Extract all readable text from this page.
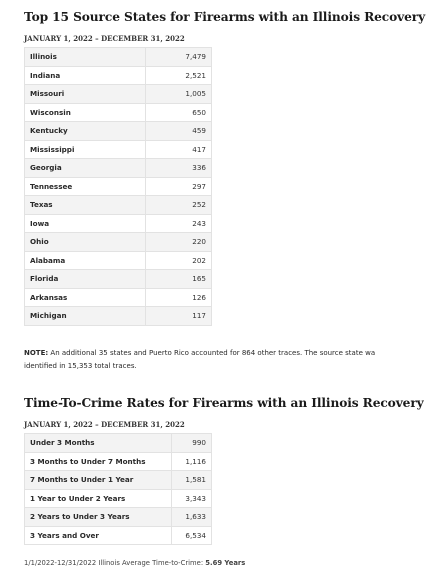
Top 15 Source States for Firearms with an Illinois Recovery
JANUARY 1, 2022 – DECEMBER 31, 2022
Illinois	7,479
Indiana	2,521
Missouri	1,005
Wisconsin	650
Kentucky	459
Mississippi	417
Georgia	336
Tennessee	297
Texas	252
Iowa	243
Ohio	220
Alabama	202
Florida	165
Arkansas	126
Michigan	117
NOTE: An additional 35 states and Puerto Rico accounted for 864 other traces. The source state wa
identified in 15,353 total traces.
Time-To-Crime Rates for Firearms with an Illinois Recovery
JANUARY 1, 2022 – DECEMBER 31, 2022
Under 3 Months	990
3 Months to Under 7 Months	1,116
7 Months to Under 1 Year	1,581
1 Year to Under 2 Years	3,343
2 Years to Under 3 Years	1,633
3 Years and Over	6,534
1/1/2022-12/31/2022 Illinois Average Time-to-Crime: 5.69 Years
